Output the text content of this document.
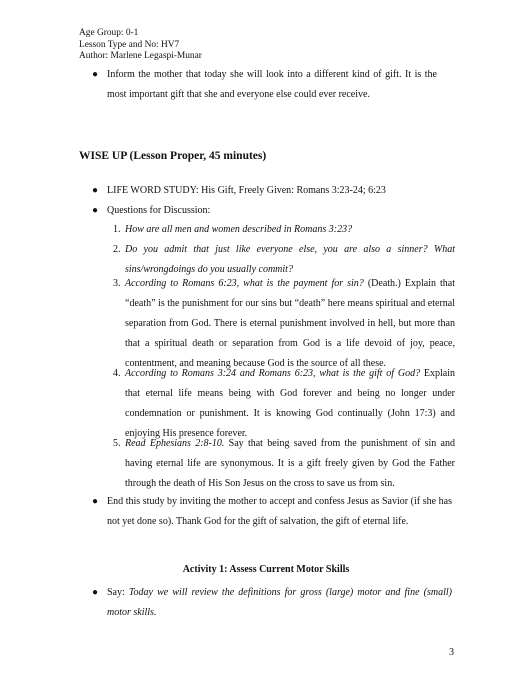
Age Group: 0-1
Lesson Type and No: HV7
Author: Marlene Legaspi-Munar
● Inform the mother that today she will look into a different kind of gift. It is the most important gift that she and everyone else could ever receive.
WISE UP (Lesson Proper, 45 minutes)
● LIFE WORD STUDY: His Gift, Freely Given: Romans 3:23-24; 6:23
● Questions for Discussion:
1. How are all men and women described in Romans 3:23?
2. Do you admit that just like everyone else, you are also a sinner? What sins/wrongdoings do you usually commit?
3. According to Romans 6:23, what is the payment for sin? (Death.) Explain that “death” is the punishment for our sins but “death” here means spiritual and eternal separation from God. There is eternal punishment involved in hell, but more than that a spiritual death or separation from God is a life devoid of joy, peace, contentment, and meaning because God is the source of all these.
4. According to Romans 3:24 and Romans 6:23, what is the gift of God? Explain that eternal life means being with God forever and being no longer under condemnation or punishment. It is knowing God continually (John 17:3) and enjoying His presence forever.
5. Read Ephesians 2:8-10. Say that being saved from the punishment of sin and having eternal life are synonymous. It is a gift freely given by God the Father through the death of His Son Jesus on the cross to save us from sin.
● End this study by inviting the mother to accept and confess Jesus as Savior (if she has not yet done so). Thank God for the gift of salvation, the gift of eternal life.
Activity 1: Assess Current Motor Skills
● Say: Today we will review the definitions for gross (large) motor and fine (small) motor skills.
3
